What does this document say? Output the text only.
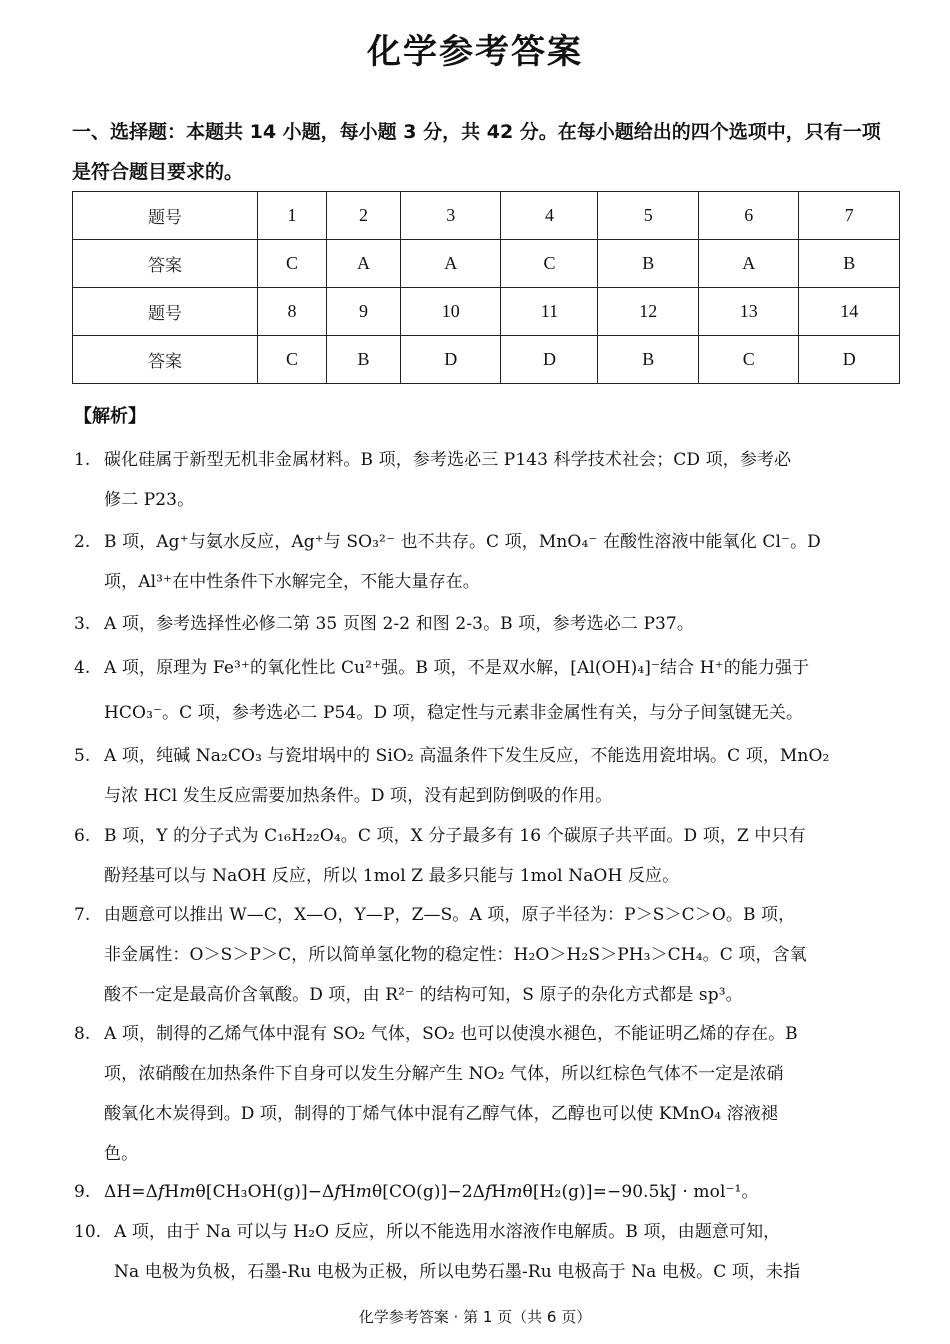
化学参考答案
一、选择题：本题共 14 小题，每小题 3 分，共 42 分。在每小题给出的四个选项中，只有一项
是符合题目要求的。
题号	1	2	3	4	5	6	7
答案	C	A	A	C	B	A	B
题号	8	9	10	11	12	13	14
答案	C	B	D	D	B	C	D
【解析】
1. 碳化硅属于新型无机非金属材料。B 项，参考选必三 P143 科学技术社会；CD 项，参考必
修二 P23。
2. B 项，Ag⁺与氨水反应，Ag⁺与 SO₃²⁻ 也不共存。C 项，MnO₄⁻ 在酸性溶液中能氧化 Cl⁻。D
项，Al³⁺在中性条件下水解完全，不能大量存在。
3. A 项，参考选择性必修二第 35 页图 2-2 和图 2-3。B 项，参考选必二 P37。
4. A 项，原理为 Fe³⁺的氧化性比 Cu²⁺强。B 项，不是双水解，[Al(OH)₄]⁻结合 H⁺的能力强于
HCO₃⁻。C 项，参考选必二 P54。D 项，稳定性与元素非金属性有关，与分子间氢键无关。
5. A 项，纯碱 Na₂CO₃ 与瓷坩埚中的 SiO₂ 高温条件下发生反应，不能选用瓷坩埚。C 项，MnO₂
与浓 HCl 发生反应需要加热条件。D 项，没有起到防倒吸的作用。
6. B 项，Y 的分子式为 C₁₆H₂₂O₄。C 项，X 分子最多有 16 个碳原子共平面。D 项，Z 中只有
酚羟基可以与 NaOH 反应，所以 1mol Z 最多只能与 1mol NaOH 反应。
7. 由题意可以推出 W—C，X—O，Y—P，Z—S。A 项，原子半径为：P＞S＞C＞O。B 项，
非金属性：O＞S＞P＞C，所以简单氢化物的稳定性：H₂O＞H₂S＞PH₃＞CH₄。C 项，含氧
酸不一定是最高价含氧酸。D 项，由 R²⁻ 的结构可知，S 原子的杂化方式都是 sp³。
8. A 项，制得的乙烯气体中混有 SO₂ 气体，SO₂ 也可以使溴水褪色，不能证明乙烯的存在。B
项，浓硝酸在加热条件下自身可以发生分解产生 NO₂ 气体，所以红棕色气体不一定是浓硝
酸氧化木炭得到。D 项，制得的丁烯气体中混有乙醇气体，乙醇也可以使 KMnO₄ 溶液褪
色。
9. ΔH=Δ𝑓H𝑚θ[CH₃OH(g)]−Δ𝑓H𝑚θ[CO(g)]−2Δ𝑓H𝑚θ[H₂(g)]=−90.5kJ · mol⁻¹。
10. A 项，由于 Na 可以与 H₂O 反应，所以不能选用水溶液作电解质。B 项，由题意可知，
Na 电极为负极，石墨-Ru 电极为正极，所以电势石墨-Ru 电极高于 Na 电极。C 项，未指
化学参考答案 · 第 1 页（共 6 页）
